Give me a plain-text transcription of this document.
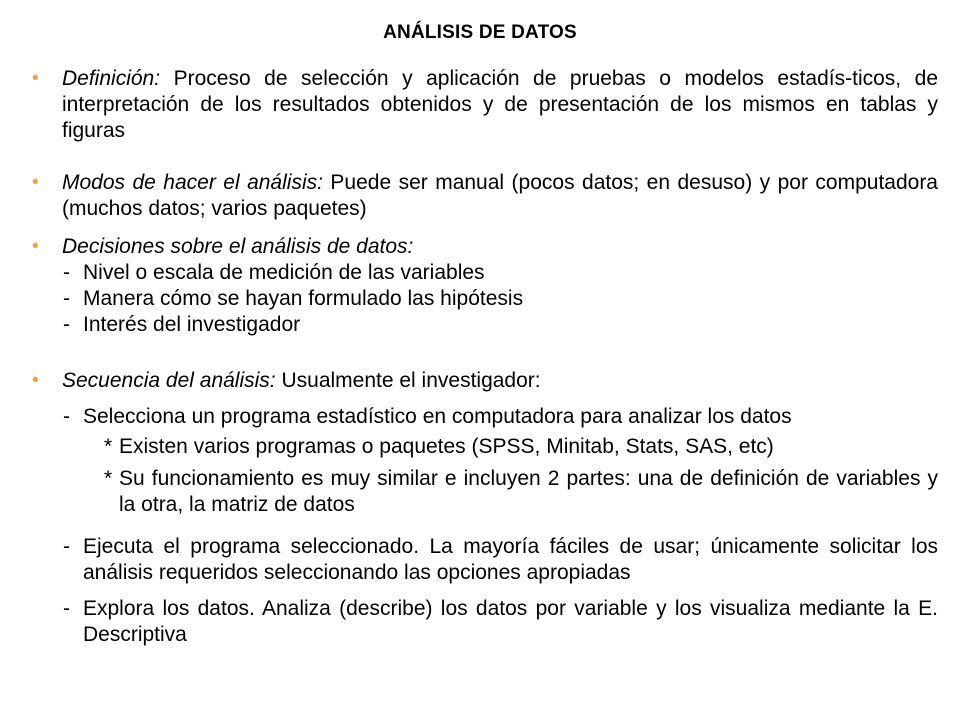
ANÁLISIS DE DATOS
•	Definición: Proceso de selección y aplicación de pruebas o modelos estadís-ticos, de interpretación de los resultados obtenidos y de presentación de los mismos en tablas y figuras
•	Modos de hacer el análisis: Puede ser manual (pocos datos; en desuso) y por computadora (muchos datos; varios paquetes)
•	Decisiones sobre el análisis de datos:
- Nivel o escala de medición de las variables
- Manera cómo se hayan formulado las hipótesis
- Interés del investigador
•	Secuencia del análisis: Usualmente el investigador:
- Selecciona un programa estadístico en computadora para analizar los datos
* Existen varios programas o paquetes (SPSS, Minitab, Stats, SAS, etc)
* Su funcionamiento es muy similar e incluyen 2 partes: una de definición de variables y la otra, la matriz de datos
- Ejecuta el programa seleccionado. La mayoría fáciles de usar; únicamente solicitar los análisis requeridos seleccionando las opciones apropiadas
- Explora los datos. Analiza (describe) los datos por variable y los visualiza mediante la E. Descriptiva
